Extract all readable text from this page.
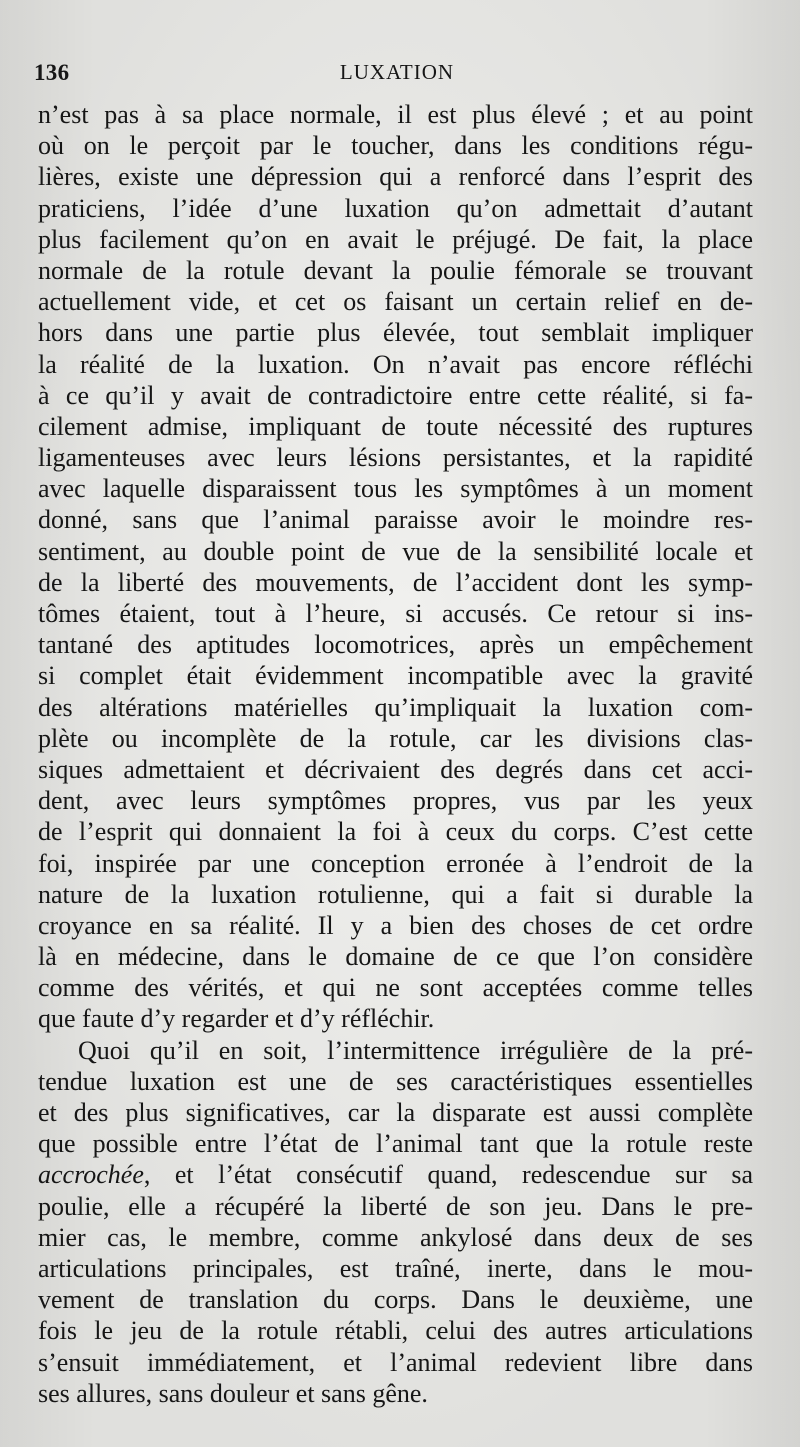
136	LUXATION
n’est pas à sa place normale, il est plus élevé ; et au point
où on le perçoit par le toucher, dans les conditions régu-
lières, existe une dépression qui a renforcé dans l’esprit des
praticiens, l’idée d’une luxation qu’on admettait d’autant
plus facilement qu’on en avait le préjugé. De fait, la place
normale de la rotule devant la poulie fémorale se trouvant
actuellement vide, et cet os faisant un certain relief en de-
hors dans une partie plus élevée, tout semblait impliquer
la réalité de la luxation. On n’avait pas encore réfléchi
à ce qu’il y avait de contradictoire entre cette réalité, si fa-
cilement admise, impliquant de toute nécessité des ruptures
ligamenteuses avec leurs lésions persistantes, et la rapidité
avec laquelle disparaissent tous les symptômes à un moment
donné, sans que l’animal paraisse avoir le moindre res-
sentiment, au double point de vue de la sensibilité locale et
de la liberté des mouvements, de l’accident dont les symp-
tômes étaient, tout à l’heure, si accusés. Ce retour si ins-
tantané des aptitudes locomotrices, après un empêchement
si complet était évidemment incompatible avec la gravité
des altérations matérielles qu’impliquait la luxation com-
plète ou incomplète de la rotule, car les divisions clas-
siques admettaient et décrivaient des degrés dans cet acci-
dent, avec leurs symptômes propres, vus par les yeux
de l’esprit qui donnaient la foi à ceux du corps. C’est cette
foi, inspirée par une conception erronée à l’endroit de la
nature de la luxation rotulienne, qui a fait si durable la
croyance en sa réalité. Il y a bien des choses de cet ordre
là en médecine, dans le domaine de ce que l’on considère
comme des vérités, et qui ne sont acceptées comme telles
que faute d’y regarder et d’y réfléchir.
Quoi qu’il en soit, l’intermittence irrégulière de la pré-
tendue luxation est une de ses caractéristiques essentielles
et des plus significatives, car la disparate est aussi complète
que possible entre l’état de l’animal tant que la rotule reste
accrochée, et l’état consécutif quand, redescendue sur sa
poulie, elle a récupéré la liberté de son jeu. Dans le pre-
mier cas, le membre, comme ankylosé dans deux de ses
articulations principales, est traîné, inerte, dans le mou-
vement de translation du corps. Dans le deuxième, une
fois le jeu de la rotule rétabli, celui des autres articulations
s’ensuit immédiatement, et l’animal redevient libre dans
ses allures, sans douleur et sans gêne.
